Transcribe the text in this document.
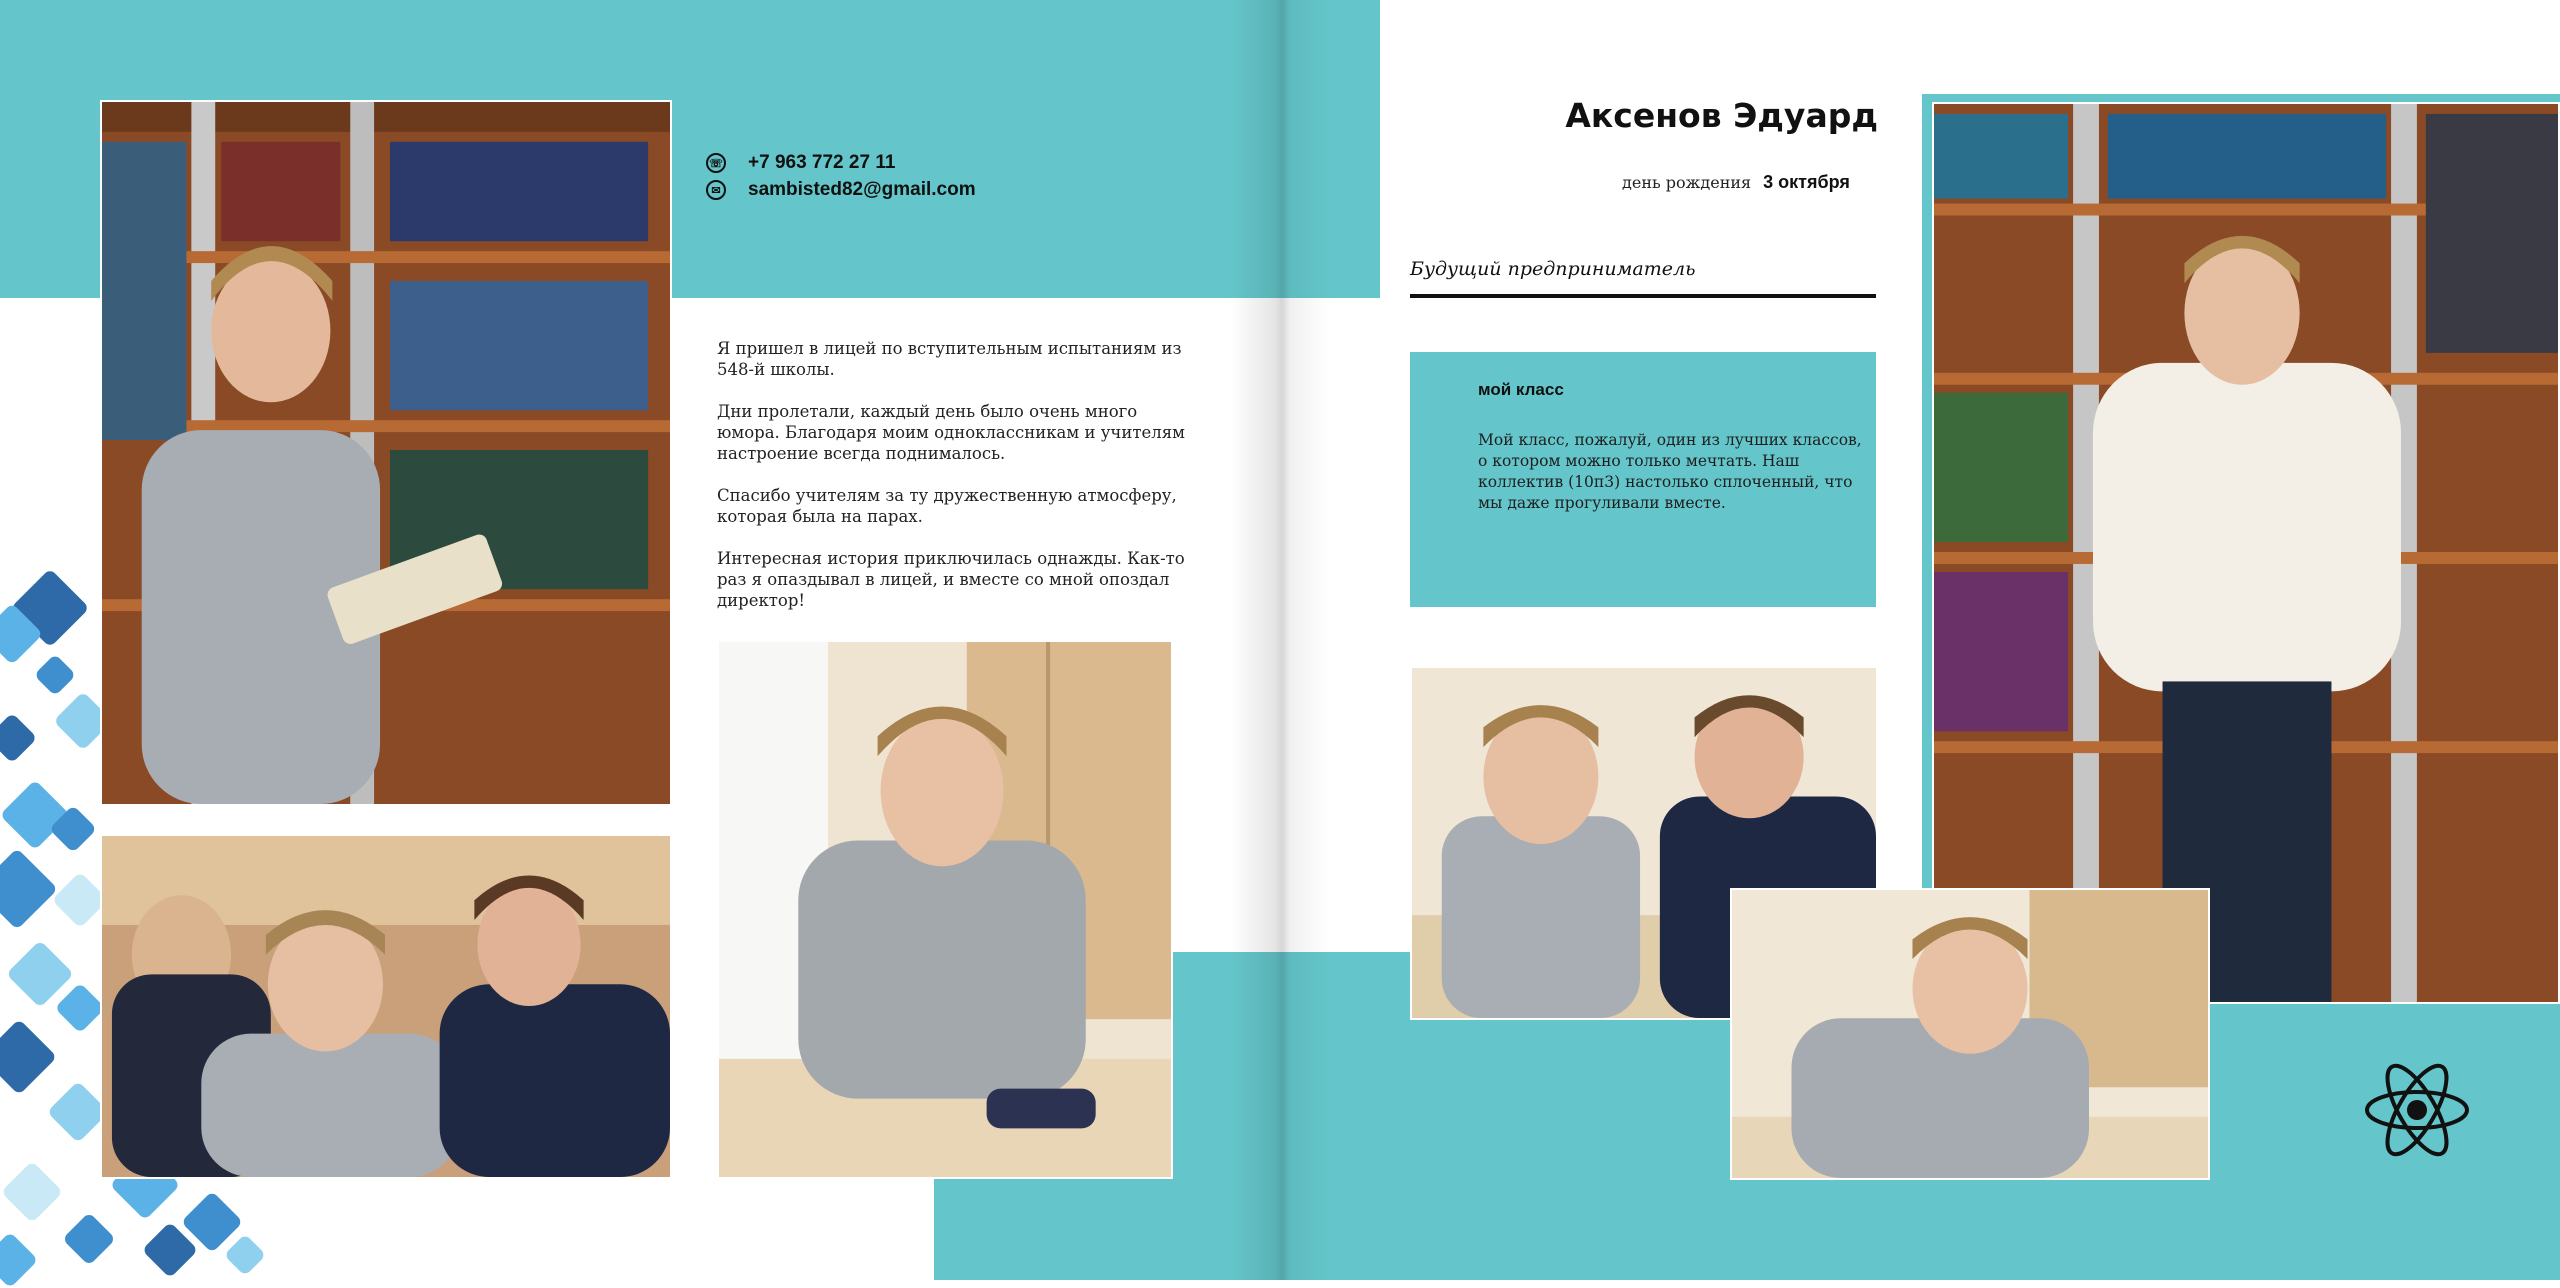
☏ +7 963 772 27 11
✉ sambisted82@gmail.com

Я пришел в лицей по вступительным испытаниям из 548-й школы.

Дни пролетали, каждый день было очень много юмора. Благодаря моим одноклассникам и учителям настроение всегда поднималось.

Спасибо учителям за ту дружественную атмосферу, которая была на парах.

Интересная история приключилась однажды. Как-то раз я опаздывал в лицей, и вместе со мной опоздал директор!

Аксенов Эдуард
день рождения 3 октября
Будущий предприниматель
мой класс
Мой класс, пожалуй, один из лучших классов, о котором можно только мечтать. Наш коллектив (10п3) настолько сплоченный, что мы даже прогуливали вместе.
